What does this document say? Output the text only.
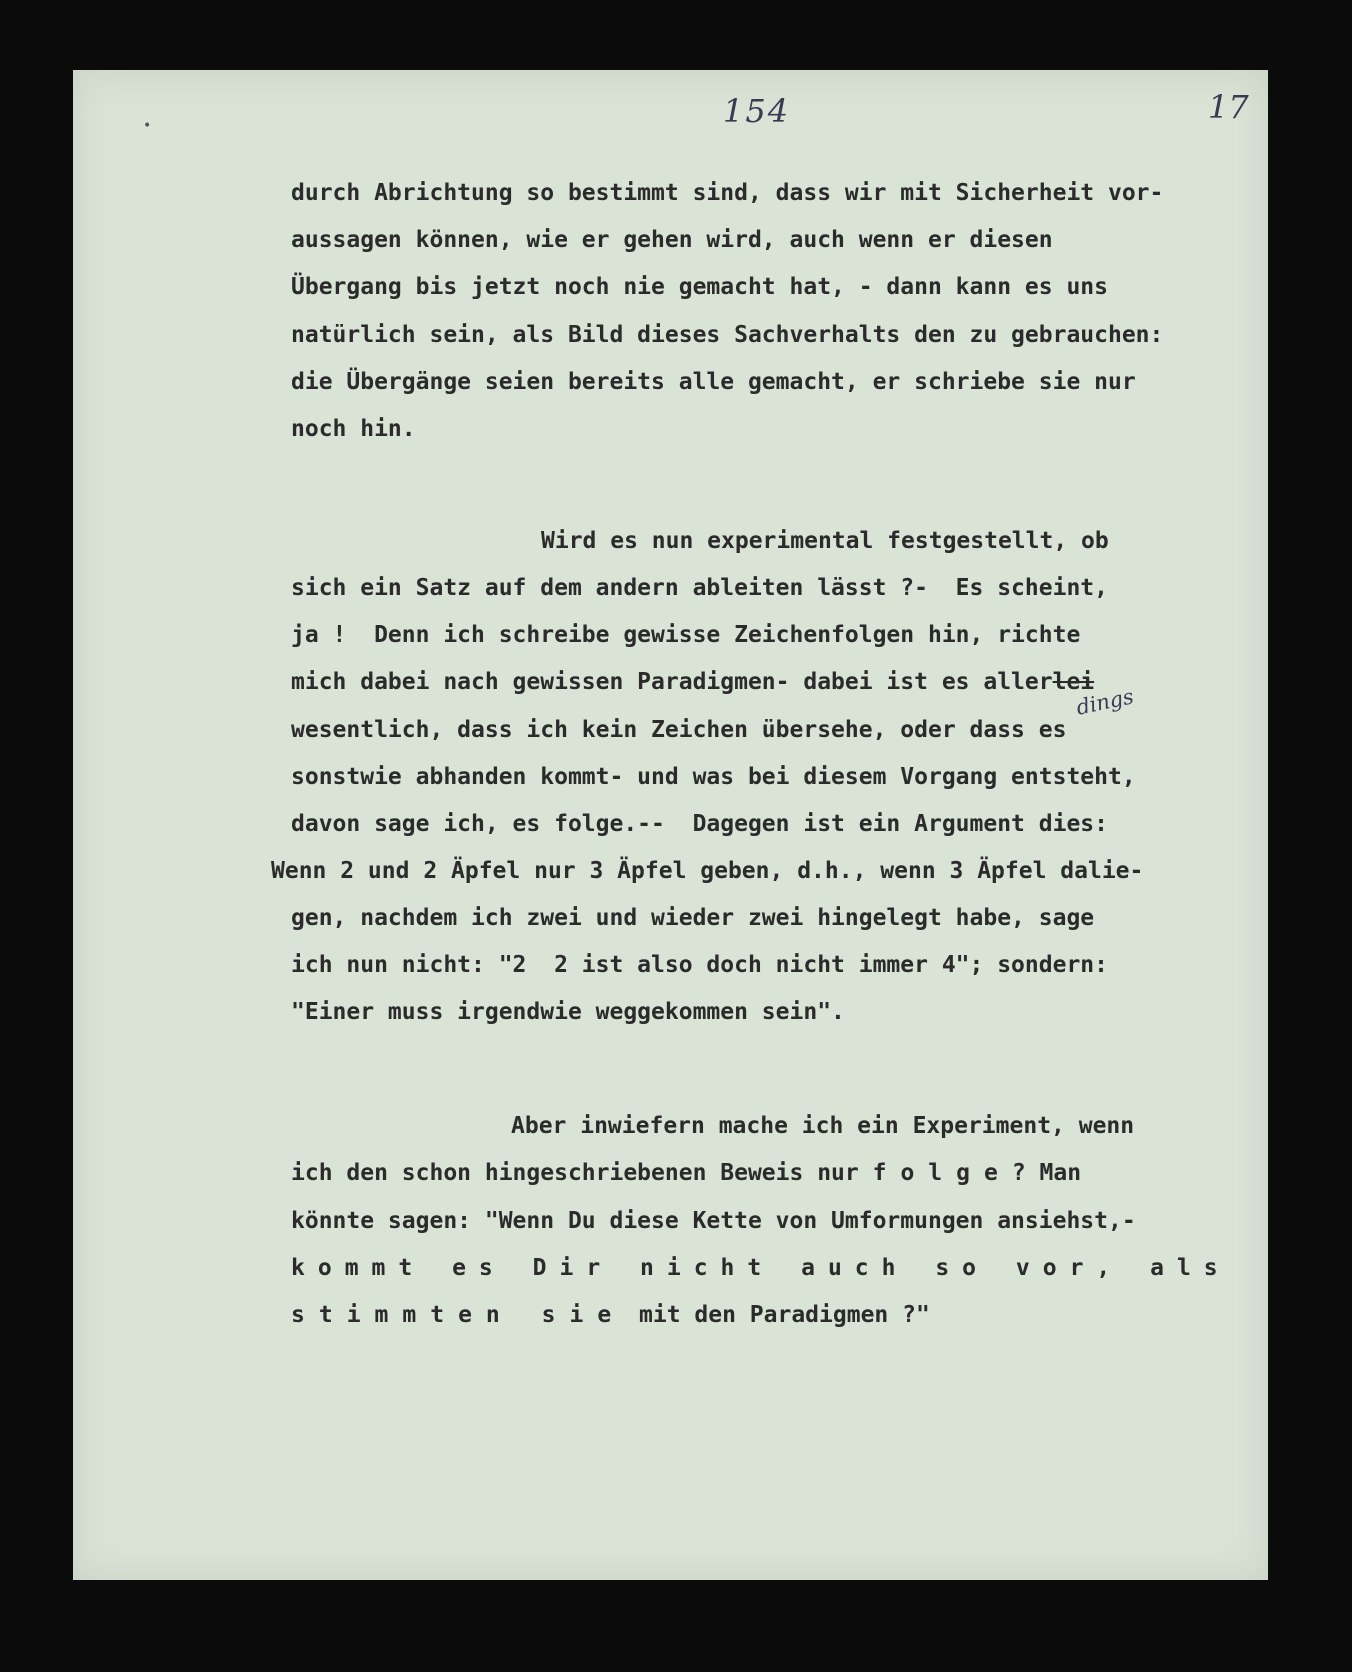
•	154	17
durch Abrichtung so bestimmt sind, dass wir mit Sicherheit vor-
aussagen können, wie er gehen wird, auch wenn er diesen
Übergang bis jetzt noch nie gemacht hat, - dann kann es uns
natürlich sein, als Bild dieses Sachverhalts den zu gebrauchen:
die Übergänge seien bereits alle gemacht, er schriebe sie nur
noch hin.
Wird es nun experimental festgestellt, ob
sich ein Satz auf dem andern ableiten lässt ?-  Es scheint,
ja !  Denn ich schreibe gewisse Zeichenfolgen hin, richte
mich dabei nach gewissen Paradigmen- dabei ist es allerlei
dings
wesentlich, dass ich kein Zeichen übersehe, oder dass es
sonstwie abhanden kommt- und was bei diesem Vorgang entsteht,
davon sage ich, es folge.--  Dagegen ist ein Argument dies:
Wenn 2 und 2 Äpfel nur 3 Äpfel geben, d.h., wenn 3 Äpfel dalie-
gen, nachdem ich zwei und wieder zwei hingelegt habe, sage
ich nun nicht: "2  2 ist also doch nicht immer 4"; sondern:
"Einer muss irgendwie weggekommen sein".
Aber inwiefern mache ich ein Experiment, wenn
ich den schon hingeschriebenen Beweis nur folge? Man
könnte sagen: "Wenn Du diese Kette von Umformungen ansiehst,-
kommt es Dir nicht auch so vor, als
stimmten sie mit den Paradigmen ?"
